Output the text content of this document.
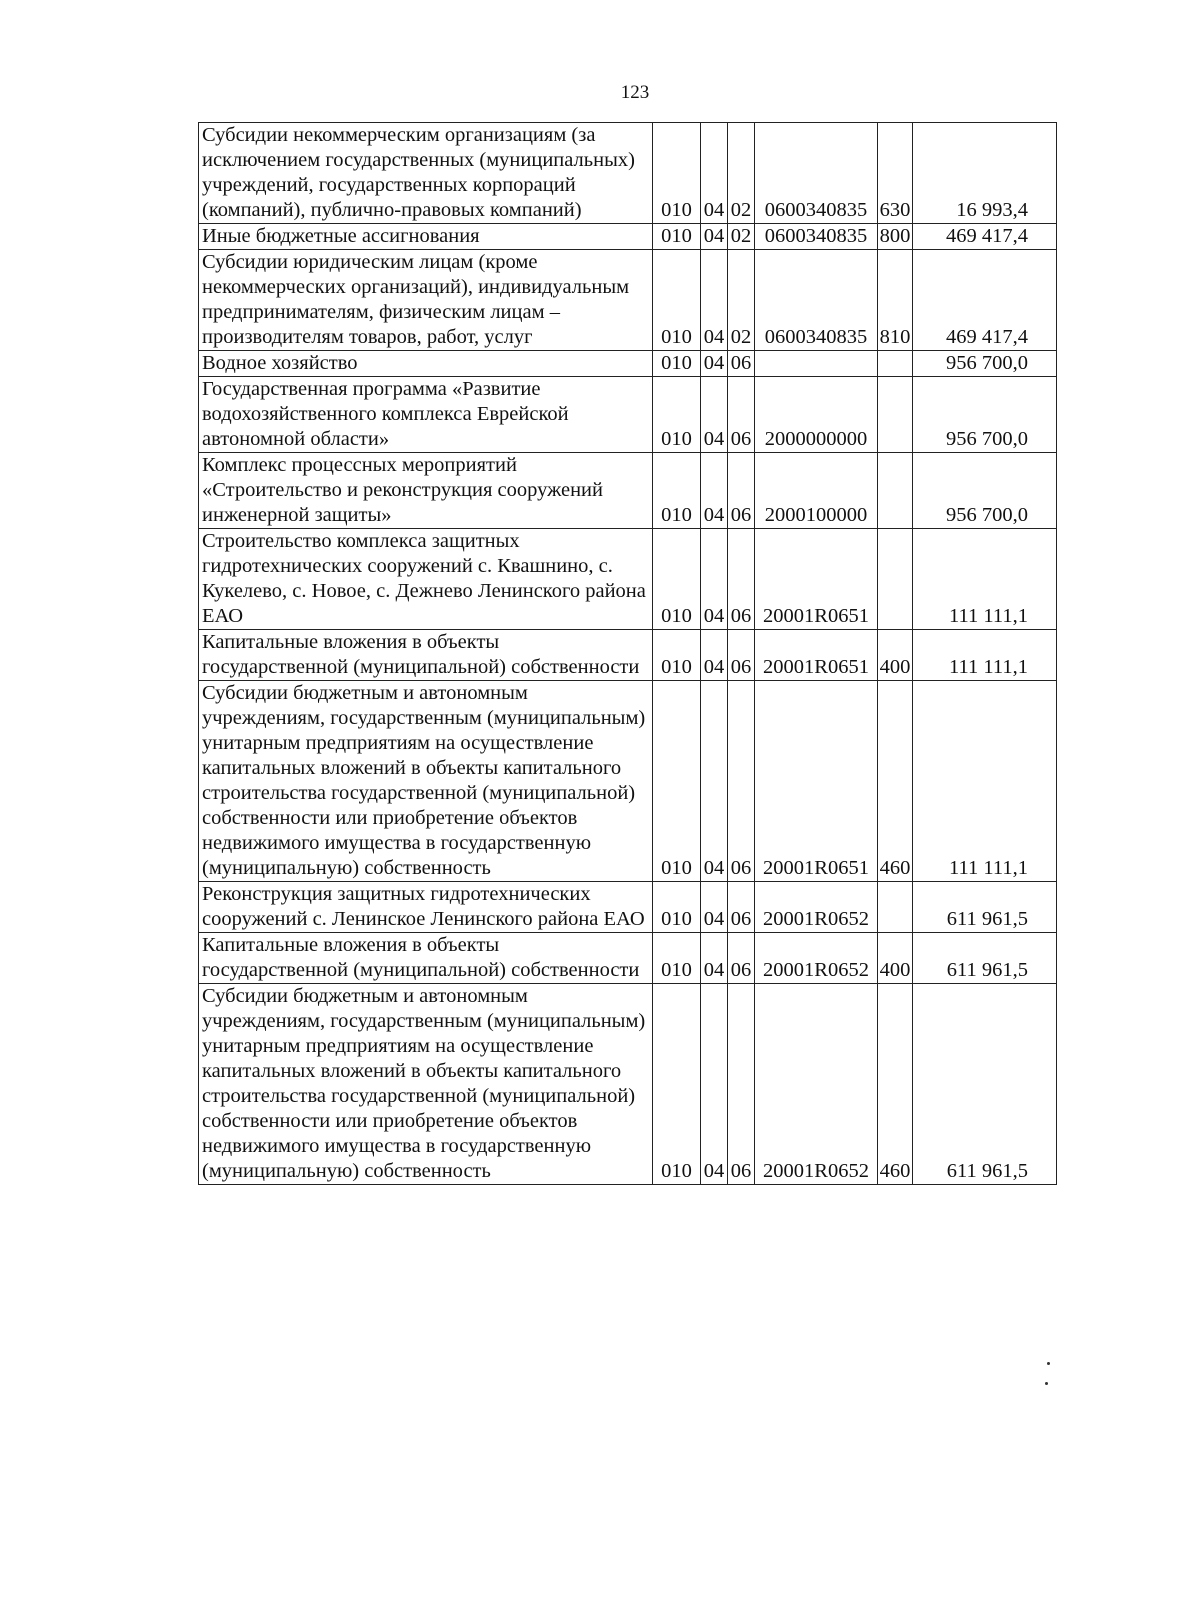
123
Субсидии некоммерческим организациям (за исключением государственных (муниципальных) учреждений, государственных корпораций (компаний), публично-правовых компаний)	010	04	02	0600340835	630	16 993,4
Иные бюджетные ассигнования	010	04	02	0600340835	800	469 417,4
Субсидии юридическим лицам (кроме некоммерческих организаций), индивидуальным предпринимателям, физическим лицам – производителям товаров, работ, услуг	010	04	02	0600340835	810	469 417,4
Водное хозяйство	010	04	06			956 700,0
Государственная программа «Развитие водохозяйственного комплекса Еврейской автономной области»	010	04	06	2000000000		956 700,0
Комплекс процессных мероприятий «Строительство и реконструкция сооружений инженерной защиты»	010	04	06	2000100000		956 700,0
Строительство комплекса защитных гидротехнических сооружений с. Квашнино, с. Кукелево, с. Новое, с. Дежнево Ленинского района ЕАО	010	04	06	20001R0651		111 111,1
Капитальные вложения в объекты государственной (муниципальной) собственности	010	04	06	20001R0651	400	111 111,1
Субсидии бюджетным и автономным учреждениям, государственным (муниципальным) унитарным предприятиям на осуществление капитальных вложений в объекты капитального строительства государственной (муниципальной) собственности или приобретение объектов недвижимого имущества в государственную (муниципальную) собственность	010	04	06	20001R0651	460	111 111,1
Реконструкция защитных гидротехнических сооружений с. Ленинское Ленинского района ЕАО	010	04	06	20001R0652		611 961,5
Капитальные вложения в объекты государственной (муниципальной) собственности	010	04	06	20001R0652	400	611 961,5
Субсидии бюджетным и автономным учреждениям, государственным (муниципальным) унитарным предприятиям на осуществление капитальных вложений в объекты капитального строительства государственной (муниципальной) собственности или приобретение объектов недвижимого имущества в государственную (муниципальную) собственность	010	04	06	20001R0652	460	611 961,5
